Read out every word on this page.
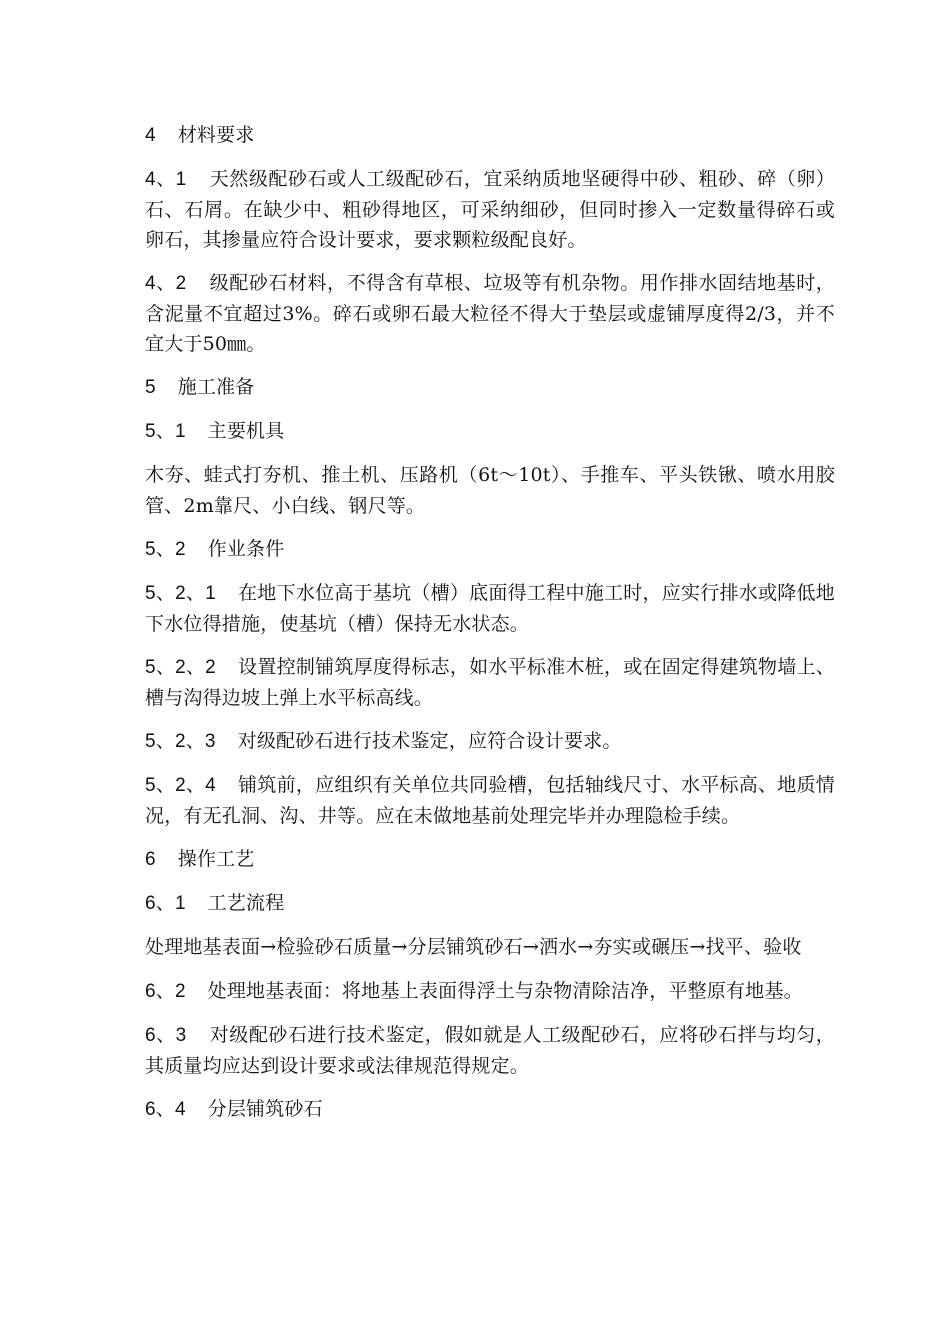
4    材料要求

4、1    天然级配砂石或人工级配砂石，宜采纳质地坚硬得中砂、粗砂、碎（卵）石、石屑。在缺少中、粗砂得地区，可采纳细砂，但同时掺入一定数量得碎石或卵石，其掺量应符合设计要求，要求颗粒级配良好。

4、2    级配砂石材料，不得含有草根、垃圾等有机杂物。用作排水固结地基时，含泥量不宜超过3%。碎石或卵石最大粒径不得大于垫层或虚铺厚度得2/3，并不宜大于50㎜。

5    施工准备

5、1    主要机具

木夯、蛙式打夯机、推土机、压路机（6t～10t）、手推车、平头铁锹、喷水用胶管、2m靠尺、小白线、钢尺等。

5、2    作业条件

5、2、1    在地下水位高于基坑（槽）底面得工程中施工时，应实行排水或降低地下水位得措施，使基坑（槽）保持无水状态。

5、2、2    设置控制铺筑厚度得标志，如水平标准木桩，或在固定得建筑物墙上、槽与沟得边坡上弹上水平标高线。

5、2、3    对级配砂石进行技术鉴定，应符合设计要求。

5、2、4    铺筑前，应组织有关单位共同验槽，包括轴线尺寸、水平标高、地质情况，有无孔洞、沟、井等。应在未做地基前处理完毕并办理隐检手续。

6    操作工艺

6、1    工艺流程

处理地基表面→检验砂石质量→分层铺筑砂石→洒水→夯实或碾压→找平、验收

6、2    处理地基表面：将地基上表面得浮土与杂物清除洁净，平整原有地基。

6、3    对级配砂石进行技术鉴定，假如就是人工级配砂石，应将砂石拌与均匀，其质量均应达到设计要求或法律规范得规定。

6、4    分层铺筑砂石
